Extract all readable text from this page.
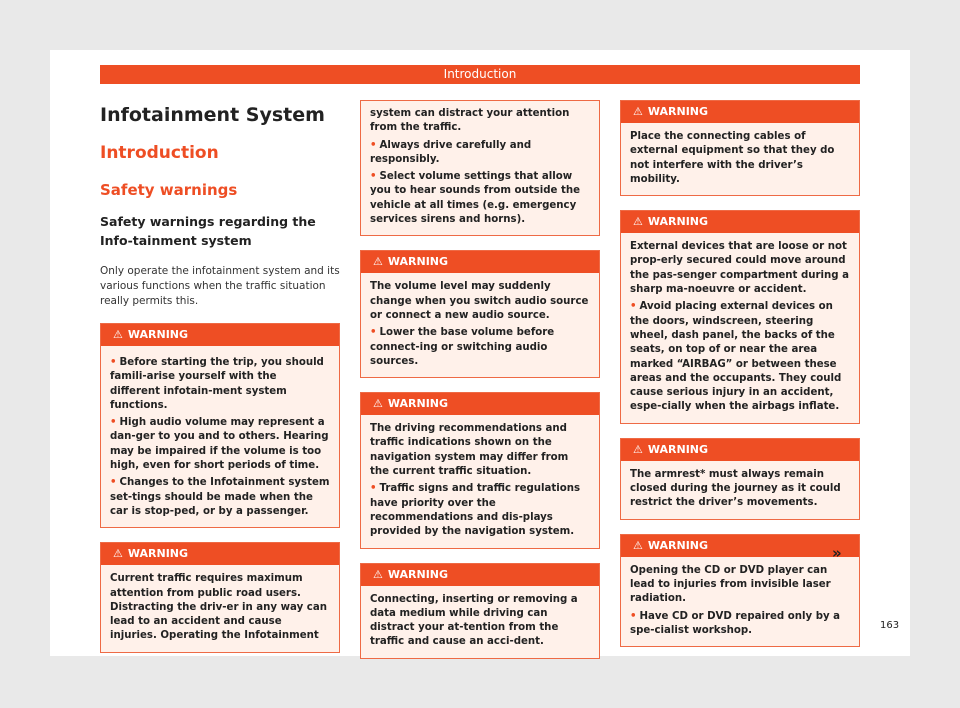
Introduction
Infotainment System
Introduction
Safety warnings
Safety warnings regarding the Info-tainment system

Only operate the infotainment system and its various functions when the traffic situation really permits this.

⚠ WARNING

• Before starting the trip, you should famili-arise yourself with the different infotain-ment system functions.

• High audio volume may represent a dan-ger to you and to others. Hearing may be impaired if the volume is too high, even for short periods of time.

• Changes to the Infotainment system set-tings should be made when the car is stop-ped, or by a passenger.

⚠ WARNING

Current traffic requires maximum attention from public road users. Distracting the driv-er in any way can lead to an accident and cause injuries. Operating the Infotainment

system can distract your attention from the traffic.

• Always drive carefully and responsibly.

• Select volume settings that allow you to hear sounds from outside the vehicle at all times (e.g. emergency services sirens and horns).

⚠ WARNING

The volume level may suddenly change when you switch audio source or connect a new audio source.

• Lower the base volume before connect-ing or switching audio sources.

⚠ WARNING

The driving recommendations and traffic indications shown on the navigation system may differ from the current traffic situation.

• Traffic signs and traffic regulations have priority over the recommendations and dis-plays provided by the navigation system.

⚠ WARNING

Connecting, inserting or removing a data medium while driving can distract your at-tention from the traffic and cause an acci-dent.

⚠ WARNING

Place the connecting cables of external equipment so that they do not interfere with the driver’s mobility.

⚠ WARNING

External devices that are loose or not prop-erly secured could move around the pas-senger compartment during a sharp ma-noeuvre or accident.

• Avoid placing external devices on the doors, windscreen, steering wheel, dash panel, the backs of the seats, on top of or near the area marked “AIRBAG” or between these areas and the occupants. They could cause serious injury in an accident, espe-cially when the airbags inflate.

⚠ WARNING

The armrest* must always remain closed during the journey as it could restrict the driver’s movements.

⚠ WARNING

Opening the CD or DVD player can lead to injuries from invisible laser radiation.

• Have CD or DVD repaired only by a spe-cialist workshop.

»
163
